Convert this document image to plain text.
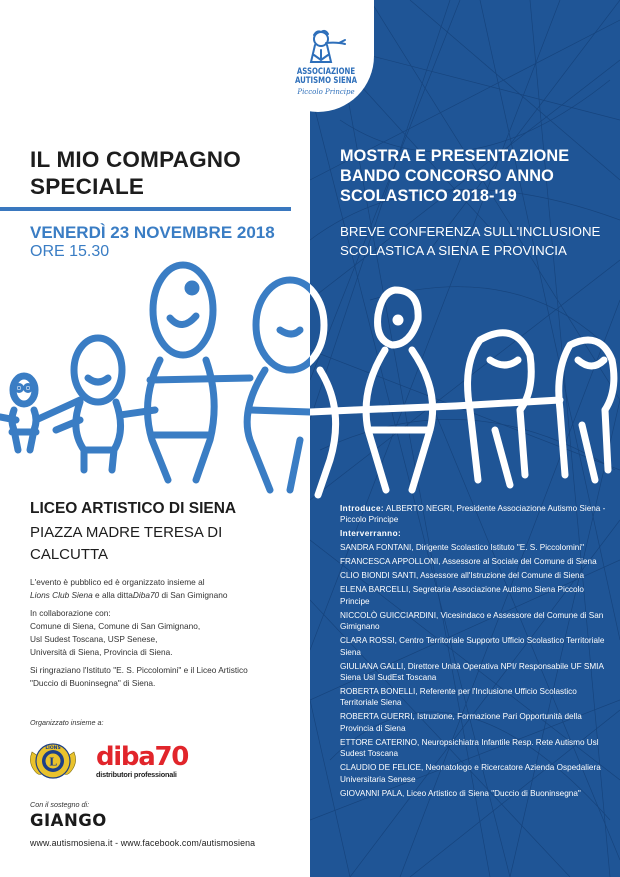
ASSOCIAZIONE
AUTISMO SIENA
Piccolo Principe
IL MIO COMPAGNO SPECIALE
VENERDÌ 23 NOVEMBRE 2018
ORE 15.30
LICEO ARTISTICO DI SIENA
PIAZZA MADRE TERESA DI CALCUTTA
L'evento è pubblico ed è organizzato insieme al
Lions Club Siena e alla dittaDiba70 di San Gimignano
In collaborazione con:
Comune di Siena, Comune di San Gimignano,
Usl Sudest Toscana, USP Senese,
Università di Siena, Provincia di Siena.
Si ringraziano l'Istituto "E. S. Piccolomini" e il Liceo Artistico
"Duccio di Buoninsegna" di Siena.
Organizzato insieme a:
L
LIONS diba70
distributori professionali
Con il sostegno di:
GIANGO
www.autismosiena.it - www.facebook.com/autismosiena
MOSTRA E PRESENTAZIONE BANDO CONCORSO ANNO SCOLASTICO 2018-'19
BREVE CONFERENZA SULL'INCLUSIONE SCOLASTICA A SIENA E PROVINCIA
Introduce: ALBERTO NEGRI, Presidente Associazione Autismo Siena - Piccolo Principe
Interverranno:
SANDRA FONTANI, Dirigente Scolastico Istituto "E. S. Piccolomini"
FRANCESCA APPOLLONI, Assessore al Sociale del Comune di Siena
CLIO BIONDI SANTI, Assessore all'Istruzione del Comune di Siena
ELENA BARCELLI, Segretaria Associazione Autismo Siena Piccolo Principe
NICCOLÒ GUICCIARDINI, Vicesindaco e Assessore del Comune di San Gimignano
CLARA ROSSI, Centro Territoriale Supporto Ufficio Scolastico Territoriale Siena
GIULIANA GALLI, Direttore Unità Operativa NPI/ Responsabile UF SMIA Siena Usl SudEst Toscana
ROBERTA BONELLI, Referente per l'Inclusione Ufficio Scolastico Territoriale Siena
ROBERTA GUERRI, Istruzione, Formazione Pari Opportunità della Provincia di Siena
ETTORE CATERINO, Neuropsichiatra Infantile Resp. Rete Autismo Usl Sudest Toscana
CLAUDIO DE FELICE, Neonatologo e Ricercatore Azienda Ospedaliera Universitaria Senese
GIOVANNI PALA, Liceo Artistico di Siena "Duccio di Buoninsegna"
